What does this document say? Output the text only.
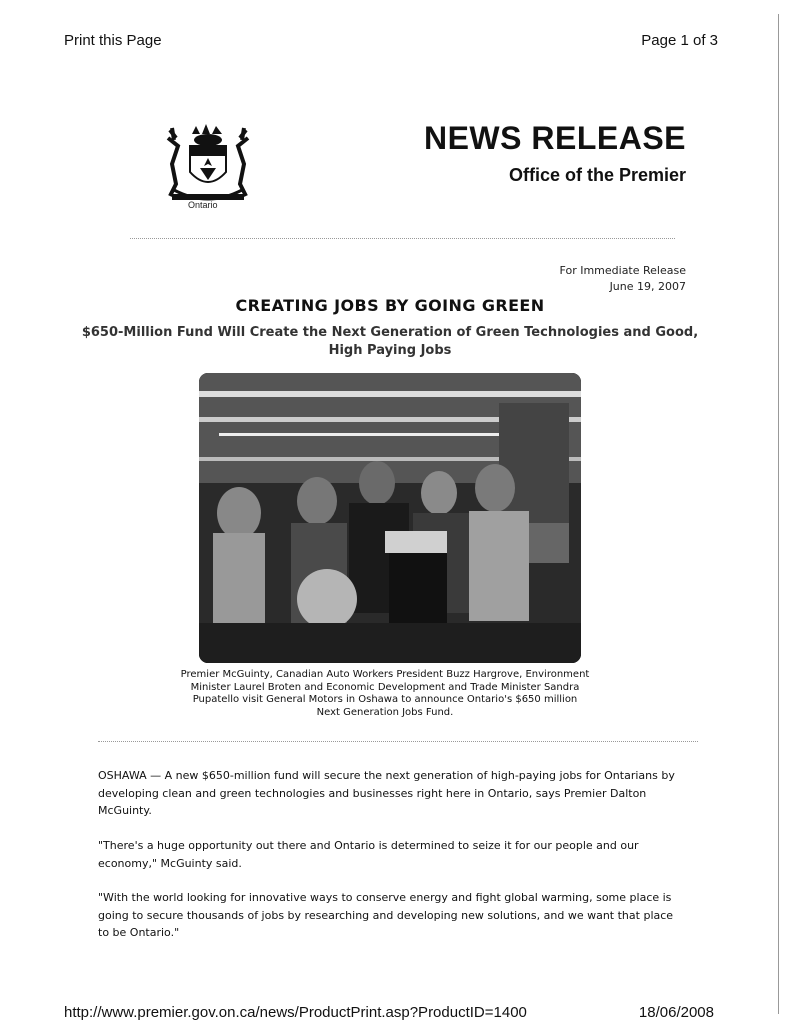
Print this Page	Page 1 of 3
Ontario
NEWS RELEASE
Office of the Premier
For Immediate Release
June 19, 2007
CREATING JOBS BY GOING GREEN
$650-Million Fund Will Create the Next Generation of Green Technologies and Good, High Paying Jobs
Premier McGuinty, Canadian Auto Workers President Buzz Hargrove, Environment Minister Laurel Broten and Economic Development and Trade Minister Sandra Pupatello visit General Motors in Oshawa to announce Ontario's $650 million Next Generation Jobs Fund.

OSHAWA — A new $650-million fund will secure the next generation of high-paying jobs for Ontarians by developing clean and green technologies and businesses right here in Ontario, says Premier Dalton McGuinty.

"There's a huge opportunity out there and Ontario is determined to seize it for our people and our economy," McGuinty said.

"With the world looking for innovative ways to conserve energy and fight global warming, some place is going to secure thousands of jobs by researching and developing new solutions, and we want that place to be Ontario."

http://www.premier.gov.on.ca/news/ProductPrint.asp?ProductID=1400	18/06/2008
